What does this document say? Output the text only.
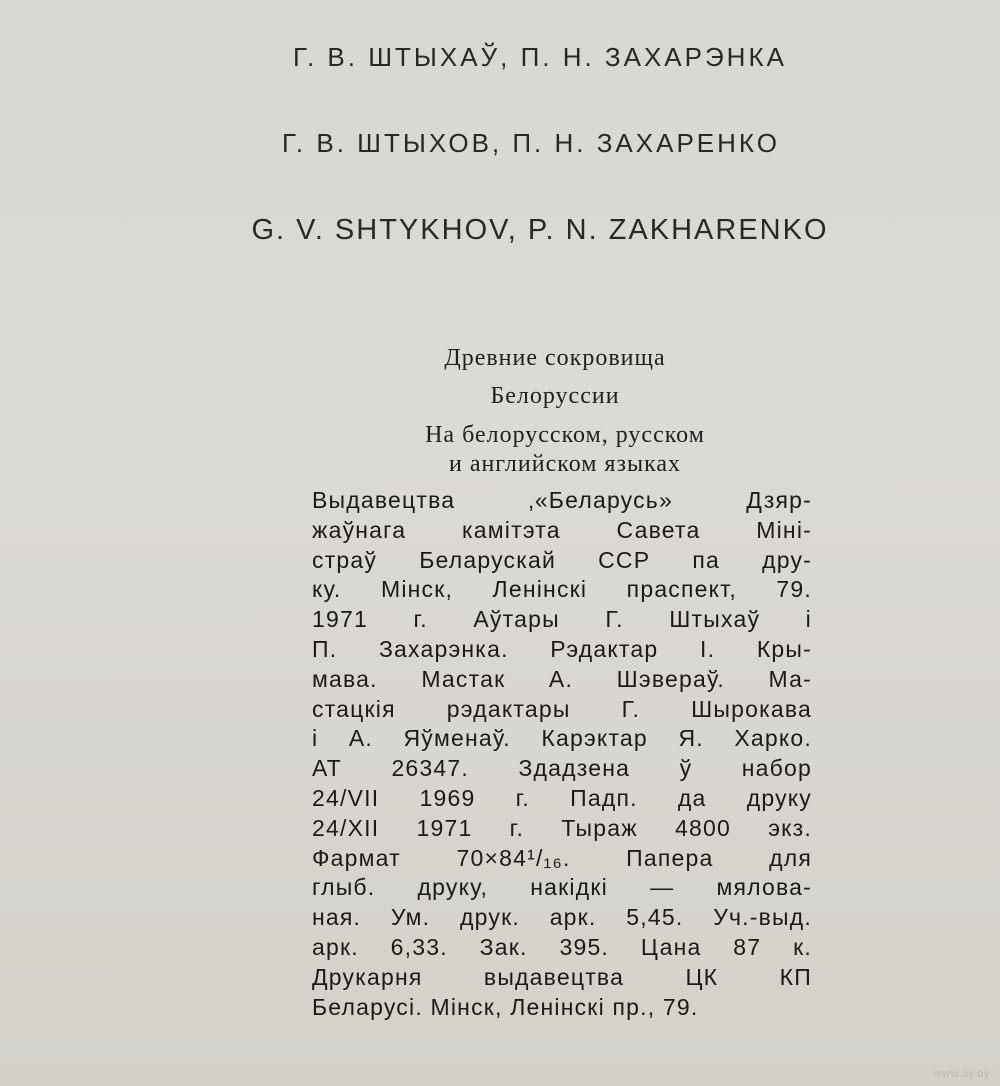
Г. В. ШТЫХАЎ, П. Н. ЗАХАРЭНКА
Г. В. ШТЫХОВ, П. Н. ЗАХАРЕНКО
G. V. SHTYKHOV, P. N. ZAKHARENKO
Древние сокровища
Белоруссии
На белорусском, русском
и английском языках
Выдавецтва ‚«Беларусь» Дзяр-
жаўнага камітэта Савета Міні-
страў Беларускай ССР па дру-
ку. Мінск, Ленінскі праспект, 79.
1971 г. Аўтары Г. Штыхаў і
П. Захарэнка. Рэдактар І. Кры-
мава. Мастак А. Шэвераў. Ма-
стацкія рэдактары Г. Шырокава
і А. Яўменаў. Карэктар Я. Харко.
АТ 26347. Здадзена ў набор
24/VII 1969 г. Падп. да друку
24/XII 1971 г. Тыраж 4800 экз.
Фармат 70×84¹/₁₆. Папера для
глыб. друку, накідкі — мялова-
ная. Ум. друк. арк. 5,45. Уч.-выд.
арк. 6,33. Зак. 395. Цана 87 к.
Друкарня выдавецтва ЦК КП
Беларусі. Мінск, Ленінскі пр., 79.
www.ay.by
